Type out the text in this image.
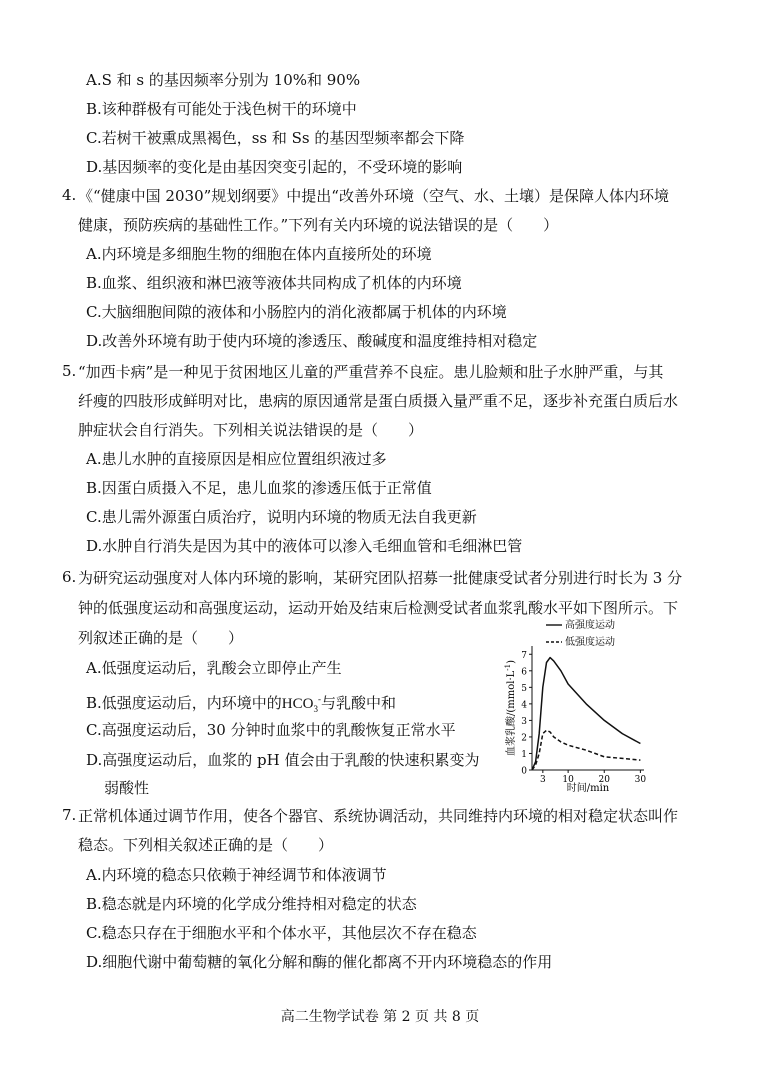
A.S 和 s 的基因频率分别为 10%和 90%
B.该种群极有可能处于浅色树干的环境中
C.若树干被熏成黑褐色，ss 和 Ss 的基因型频率都会下降
D.基因频率的变化是由基因突变引起的，不受环境的影响
4. 《“健康中国 2030”规划纲要》中提出“改善外环境（空气、水、土壤）是保障人体内环境
健康，预防疾病的基础性工作。”下列有关内环境的说法错误的是（　　）
A.内环境是多细胞生物的细胞在体内直接所处的环境
B.血浆、组织液和淋巴液等液体共同构成了机体的内环境
C.大脑细胞间隙的液体和小肠腔内的消化液都属于机体的内环境
D.改善外环境有助于使内环境的渗透压、酸碱度和温度维持相对稳定
5. “加西卡病”是一种见于贫困地区儿童的严重营养不良症。患儿脸颊和肚子水肿严重，与其
纤瘦的四肢形成鲜明对比，患病的原因通常是蛋白质摄入量严重不足，逐步补充蛋白质后水
肿症状会自行消失。下列相关说法错误的是（　　）
A.患儿水肿的直接原因是相应位置组织液过多
B.因蛋白质摄入不足，患儿血浆的渗透压低于正常值
C.患儿需外源蛋白质治疗，说明内环境的物质无法自我更新
D.水肿自行消失是因为其中的液体可以渗入毛细血管和毛细淋巴管
6. 为研究运动强度对人体内环境的影响，某研究团队招募一批健康受试者分别进行时长为 3 分
钟的低强度运动和高强度运动，运动开始及结束后检测受试者血浆乳酸水平如下图所示。下
列叙述正确的是（　　）
A.低强度运动后，乳酸会立即停止产生
B.低强度运动后，内环境中的$HCO_3^-$与乳酸中和
C.高强度运动后，30 分钟时血浆中的乳酸恢复正常水平
D.高强度运动后，血浆的 pH 值会由于乳酸的快速积累变为
弱酸性
高强度运动
低强度运动
0
1
2
3
4
5
6
7
3 10	20	30
血浆乳酸$/(mmol\cdot L^{-1})$
时间/min
7. 正常机体通过调节作用，使各个器官、系统协调活动，共同维持内环境的相对稳定状态叫作
稳态。下列相关叙述正确的是（　　）
A.内环境的稳态只依赖于神经调节和体液调节
B.稳态就是内环境的化学成分维持相对稳定的状态
C.稳态只存在于细胞水平和个体水平，其他层次不存在稳态
D.细胞代谢中葡萄糖的氧化分解和酶的催化都离不开内环境稳态的作用
高二生物学试卷 第 2 页 共 8 页
